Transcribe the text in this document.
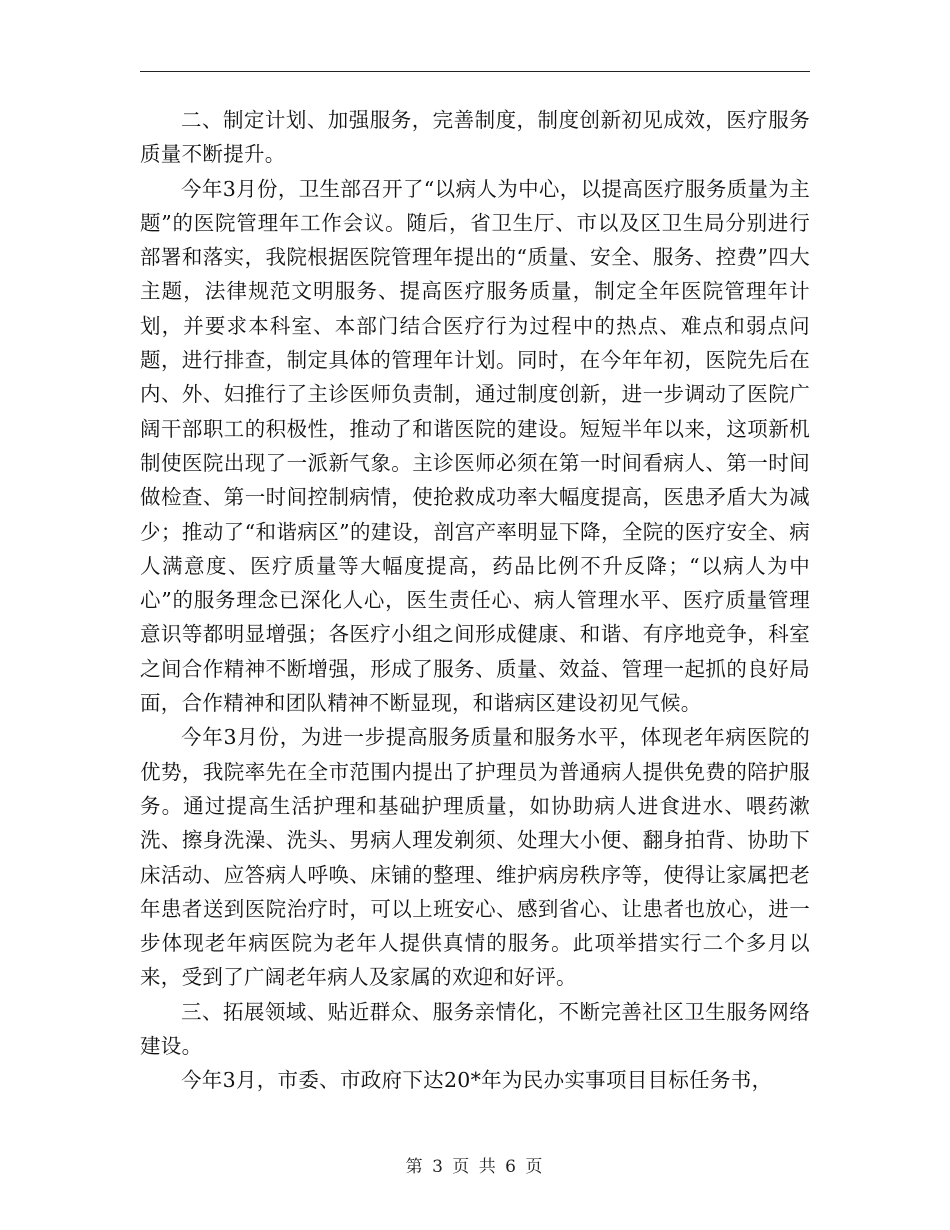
二、制定计划、加强服务，完善制度，制度创新初见成效，医疗服务质量不断提升。

今年3月份，卫生部召开了“以病人为中心，以提高医疗服务质量为主题”的医院管理年工作会议。随后，省卫生厅、市以及区卫生局分别进行部署和落实，我院根据医院管理年提出的“质量、安全、服务、控费”四大主题，法律规范文明服务、提高医疗服务质量，制定全年医院管理年计划，并要求本科室、本部门结合医疗行为过程中的热点、难点和弱点问题，进行排查，制定具体的管理年计划。同时，在今年年初，医院先后在内、外、妇推行了主诊医师负责制，通过制度创新，进一步调动了医院广阔干部职工的积极性，推动了和谐医院的建设。短短半年以来，这项新机制使医院出现了一派新气象。主诊医师必须在第一时间看病人、第一时间做检查、第一时间控制病情，使抢救成功率大幅度提高，医患矛盾大为减少；推动了“和谐病区”的建设，剖宫产率明显下降，全院的医疗安全、病人满意度、医疗质量等大幅度提高，药品比例不升反降；“以病人为中心”的服务理念已深化人心，医生责任心、病人管理水平、医疗质量管理意识等都明显增强；各医疗小组之间形成健康、和谐、有序地竞争，科室之间合作精神不断增强，形成了服务、质量、效益、管理一起抓的良好局面，合作精神和团队精神不断显现，和谐病区建设初见气候。

今年3月份，为进一步提高服务质量和服务水平，体现老年病医院的优势，我院率先在全市范围内提出了护理员为普通病人提供免费的陪护服务。通过提高生活护理和基础护理质量，如协助病人进食进水、喂药漱洗、擦身洗澡、洗头、男病人理发剃须、处理大小便、翻身拍背、协助下床活动、应答病人呼唤、床铺的整理、维护病房秩序等，使得让家属把老年患者送到医院治疗时，可以上班安心、感到省心、让患者也放心，进一步体现老年病医院为老年人提供真情的服务。此项举措实行二个多月以来，受到了广阔老年病人及家属的欢迎和好评。

三、拓展领域、贴近群众、服务亲情化，不断完善社区卫生服务网络建设。

今年3月，市委、市政府下达20*年为民办实事项目目标任务书，

第 3 页 共 6 页
